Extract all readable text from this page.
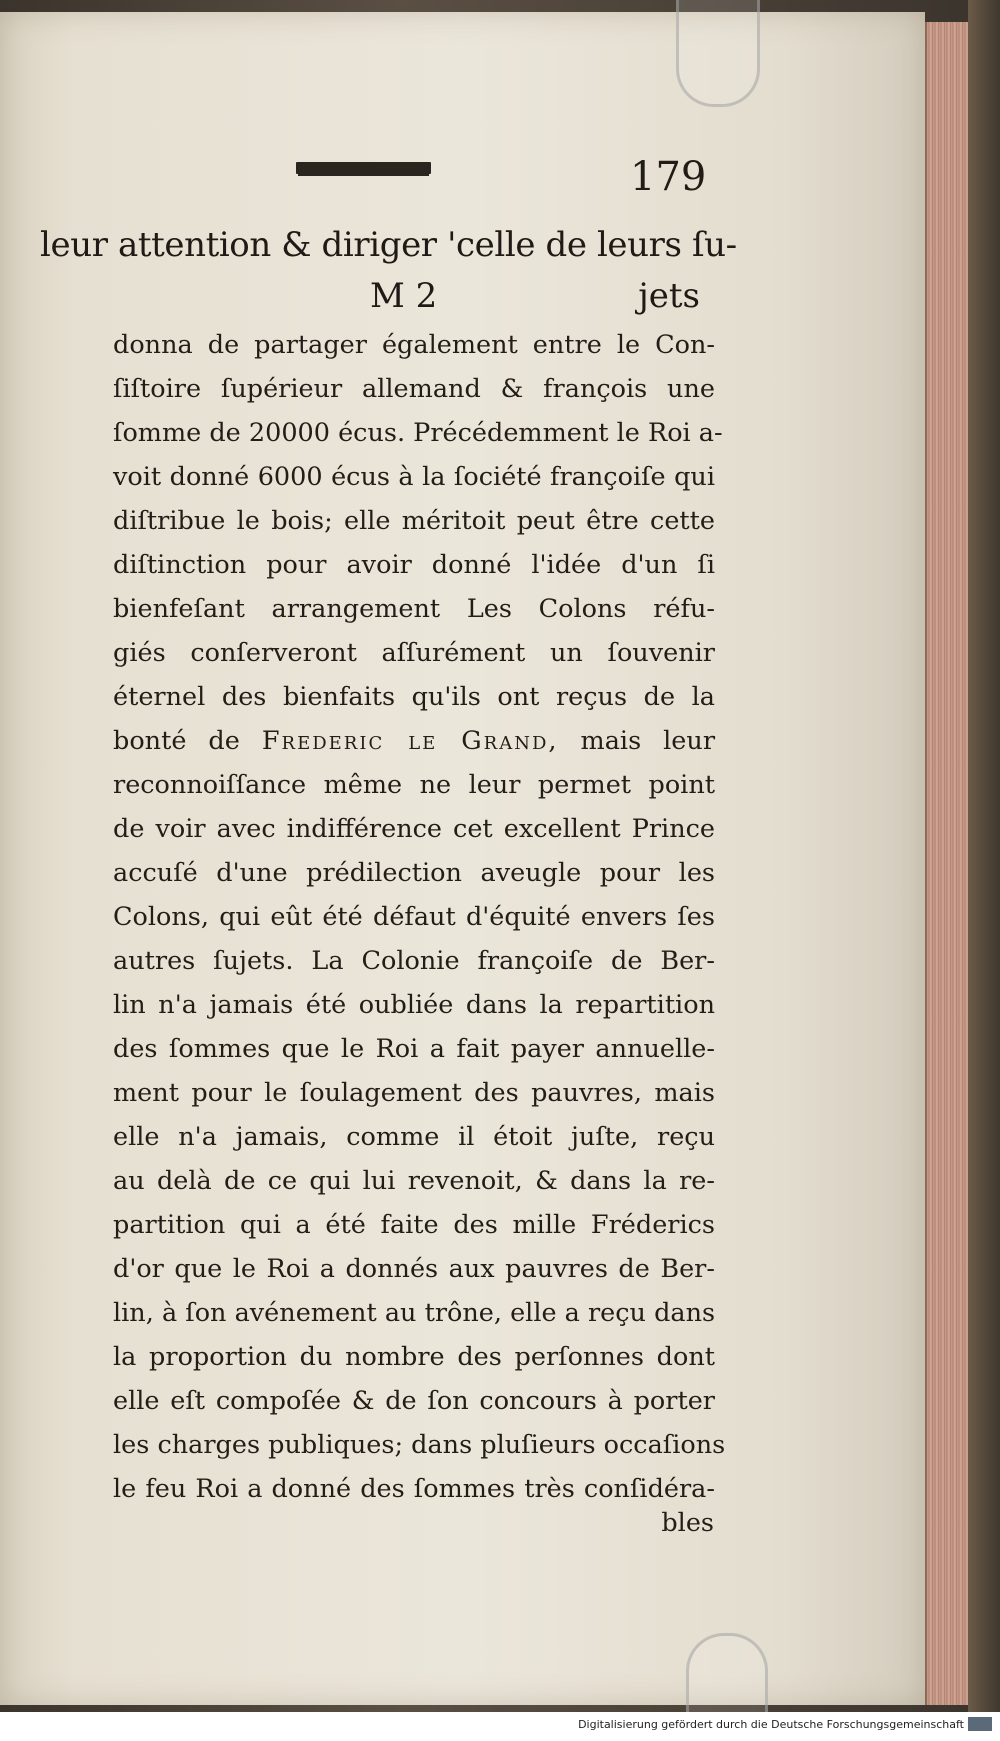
179
leur attention & diriger 'celle de leurs ſu-
M 2	jets
donna de partager également entre le Con-
ſiſtoire ſupérieur allemand & françois une
ſomme de 20000 écus. Précédemment le Roi a-
voit donné 6000 écus à la ſociété françoiſe qui
diſtribue le bois; elle méritoit peut être cette
diſtinction pour avoir donné l'idée d'un ſi
bienfeſant arrangement Les Colons réfu-
giés conſerveront aſſurément un ſouvenir
éternel des bienfaits qu'ils ont reçus de la
bonté de Frederic le Grand, mais leur
reconnoiſſance même ne leur permet point
de voir avec indifférence cet excellent Prince
accuſé d'une prédilection aveugle pour les
Colons, qui eût été défaut d'équité envers ſes
autres ſujets. La Colonie françoiſe de Ber-
lin n'a jamais été oubliée dans la repartition
des ſommes que le Roi a fait payer annuelle-
ment pour le ſoulagement des pauvres, mais
elle n'a jamais, comme il étoit juſte, reçu
au delà de ce qui lui revenoit, & dans la re-
partition qui a été faite des mille Fréderics
d'or que le Roi a donnés aux pauvres de Ber-
lin, à ſon avénement au trône, elle a reçu dans
la proportion du nombre des perſonnes dont
elle eſt compoſée & de ſon concours à porter
les charges publiques; dans pluſieurs occaſions
le feu Roi a donné des ſommes très conſidéra-
bles
Digitalisierung gefördert durch die Deutsche Forschungsgemeinschaft
